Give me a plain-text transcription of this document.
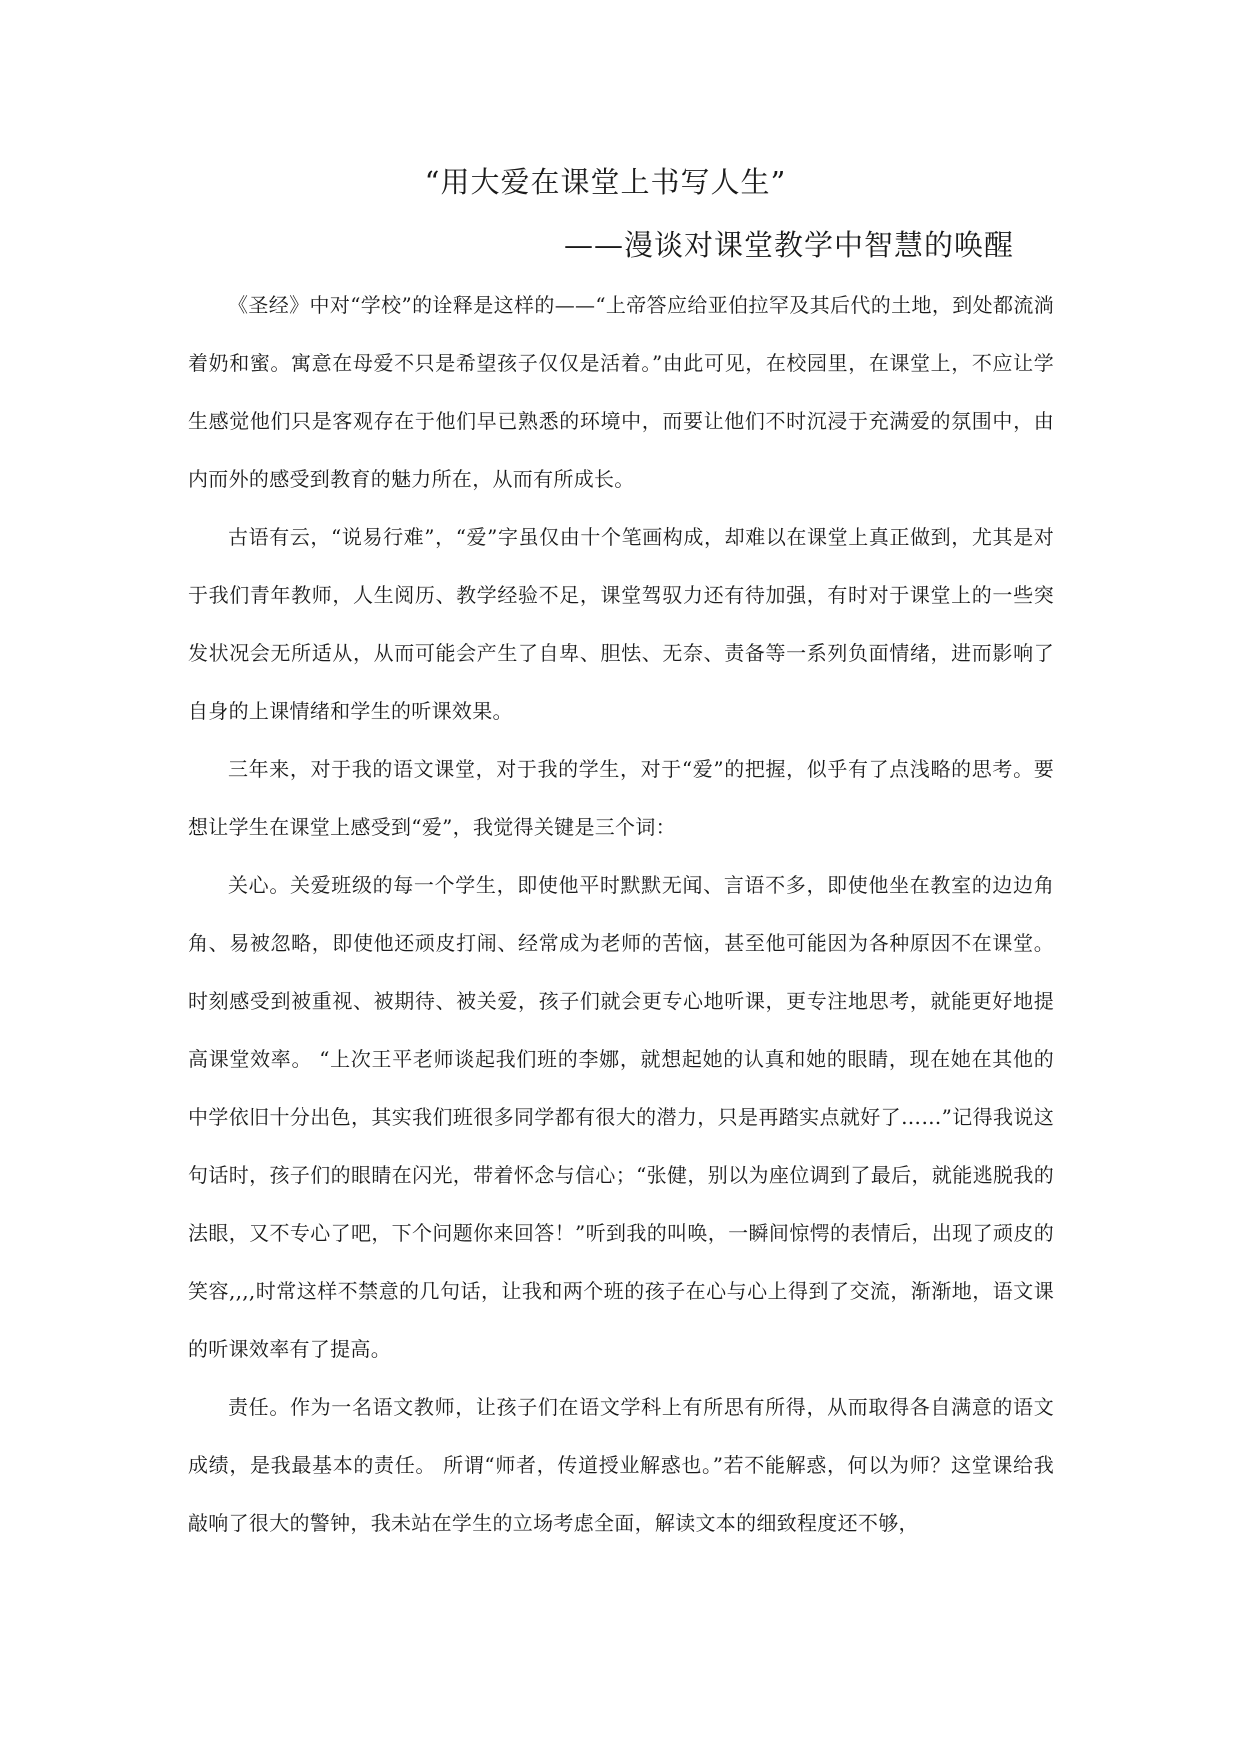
“用大爱在课堂上书写人生”
——漫谈对课堂教学中智慧的唤醒

《圣经》中对“学校”的诠释是这样的——“上帝答应给亚伯拉罕及其后代的土地，到处都流淌着奶和蜜。寓意在母爱不只是希望孩子仅仅是活着。”由此可见，在校园里，在课堂上，不应让学生感觉他们只是客观存在于他们早已熟悉的环境中，而要让他们不时沉浸于充满爱的氛围中，由内而外的感受到教育的魅力所在，从而有所成长。

古语有云，“说易行难”，“爱”字虽仅由十个笔画构成，却难以在课堂上真正做到，尤其是对于我们青年教师，人生阅历、教学经验不足，课堂驾驭力还有待加强，有时对于课堂上的一些突发状况会无所适从，从而可能会产生了自卑、胆怯、无奈、责备等一系列负面情绪，进而影响了自身的上课情绪和学生的听课效果。

三年来，对于我的语文课堂，对于我的学生，对于“爱”的把握，似乎有了点浅略的思考。要想让学生在课堂上感受到“爱”，我觉得关键是三个词：

关心。关爱班级的每一个学生，即使他平时默默无闻、言语不多，即使他坐在教室的边边角角、易被忽略，即使他还顽皮打闹、经常成为老师的苦恼，甚至他可能因为各种原因不在课堂。时刻感受到被重视、被期待、被关爱，孩子们就会更专心地听课，更专注地思考，就能更好地提高课堂效率。 “上次王平老师谈起我们班的李娜，就想起她的认真和她的眼睛，现在她在其他的中学依旧十分出色，其实我们班很多同学都有很大的潜力，只是再踏实点就好了……”记得我说这句话时，孩子们的眼睛在闪光，带着怀念与信心；“张健，别以为座位调到了最后，就能逃脱我的法眼，又不专心了吧，下个问题你来回答！”听到我的叫唤，一瞬间惊愕的表情后，出现了顽皮的笑容,,,,时常这样不禁意的几句话，让我和两个班的孩子在心与心上得到了交流，渐渐地，语文课的听课效率有了提高。

责任。作为一名语文教师，让孩子们在语文学科上有所思有所得，从而取得各自满意的语文成绩，是我最基本的责任。 所谓“师者，传道授业解惑也。”若不能解惑，何以为师？这堂课给我敲响了很大的警钟，我未站在学生的立场考虑全面，解读文本的细致程度还不够，
